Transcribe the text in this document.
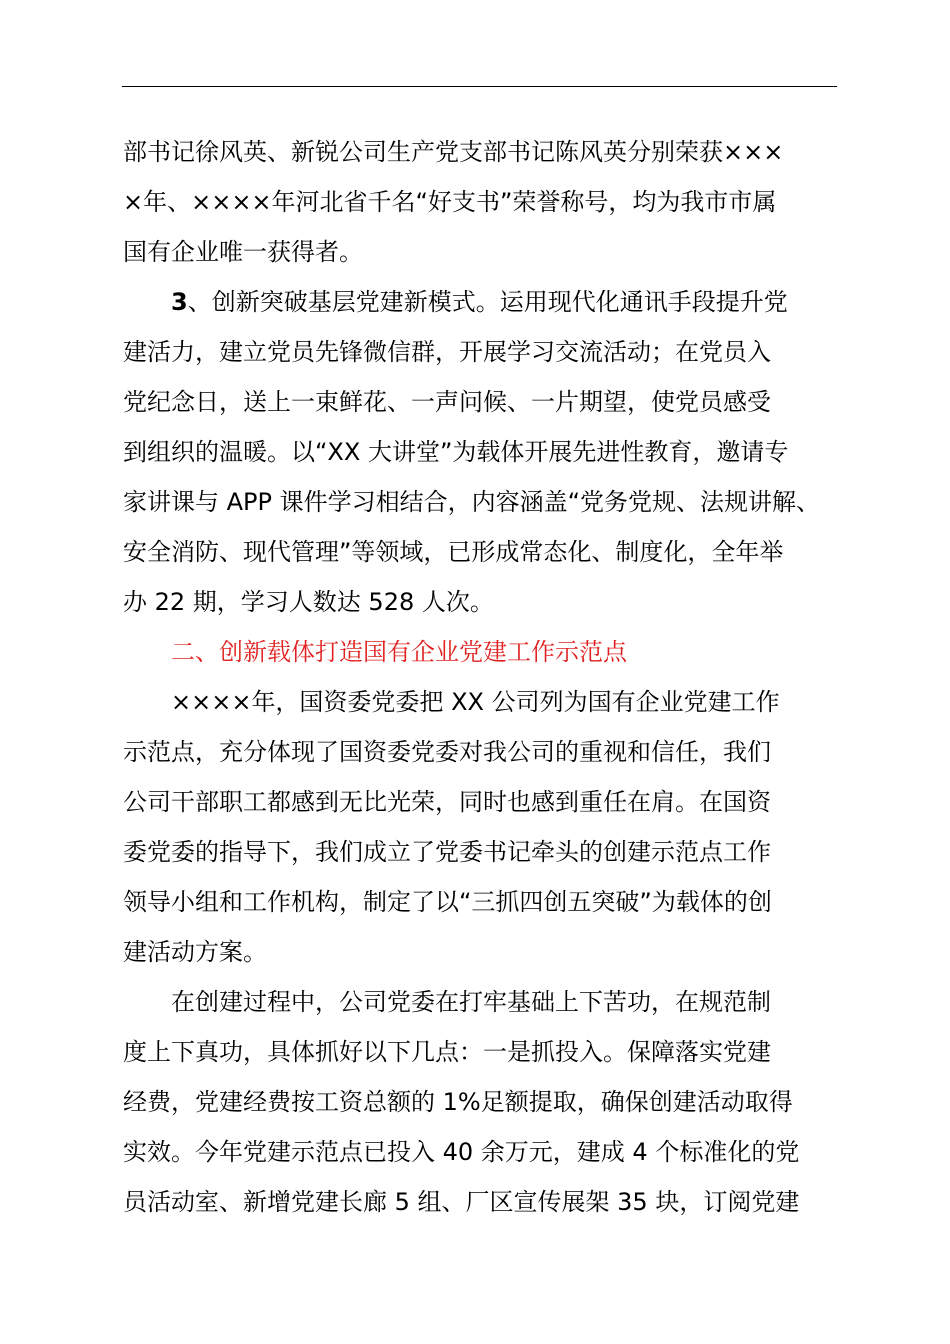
部书记徐风英、新锐公司生产党支部书记陈风英分别荣获×××
×年、××××年河北省千名“好支书”荣誉称号，均为我市市属
国有企业唯一获得者。
3、创新突破基层党建新模式。运用现代化通讯手段提升党
建活力，建立党员先锋微信群，开展学习交流活动；在党员入
党纪念日，送上一束鲜花、一声问候、一片期望，使党员感受
到组织的温暖。以“XX 大讲堂”为载体开展先进性教育，邀请专
家讲课与 APP 课件学习相结合，内容涵盖“党务党规、法规讲解、
安全消防、现代管理”等领域，已形成常态化、制度化，全年举
办 22 期，学习人数达 528 人次。
二、创新载体打造国有企业党建工作示范点
××××年，国资委党委把 XX 公司列为国有企业党建工作
示范点，充分体现了国资委党委对我公司的重视和信任，我们
公司干部职工都感到无比光荣，同时也感到重任在肩。在国资
委党委的指导下，我们成立了党委书记牵头的创建示范点工作
领导小组和工作机构，制定了以“三抓四创五突破”为载体的创
建活动方案。
在创建过程中，公司党委在打牢基础上下苦功，在规范制
度上下真功，具体抓好以下几点：一是抓投入。保障落实党建
经费，党建经费按工资总额的 1%足额提取，确保创建活动取得
实效。今年党建示范点已投入 40 余万元，建成 4 个标准化的党
员活动室、新增党建长廊 5 组、厂区宣传展架 35 块，订阅党建
